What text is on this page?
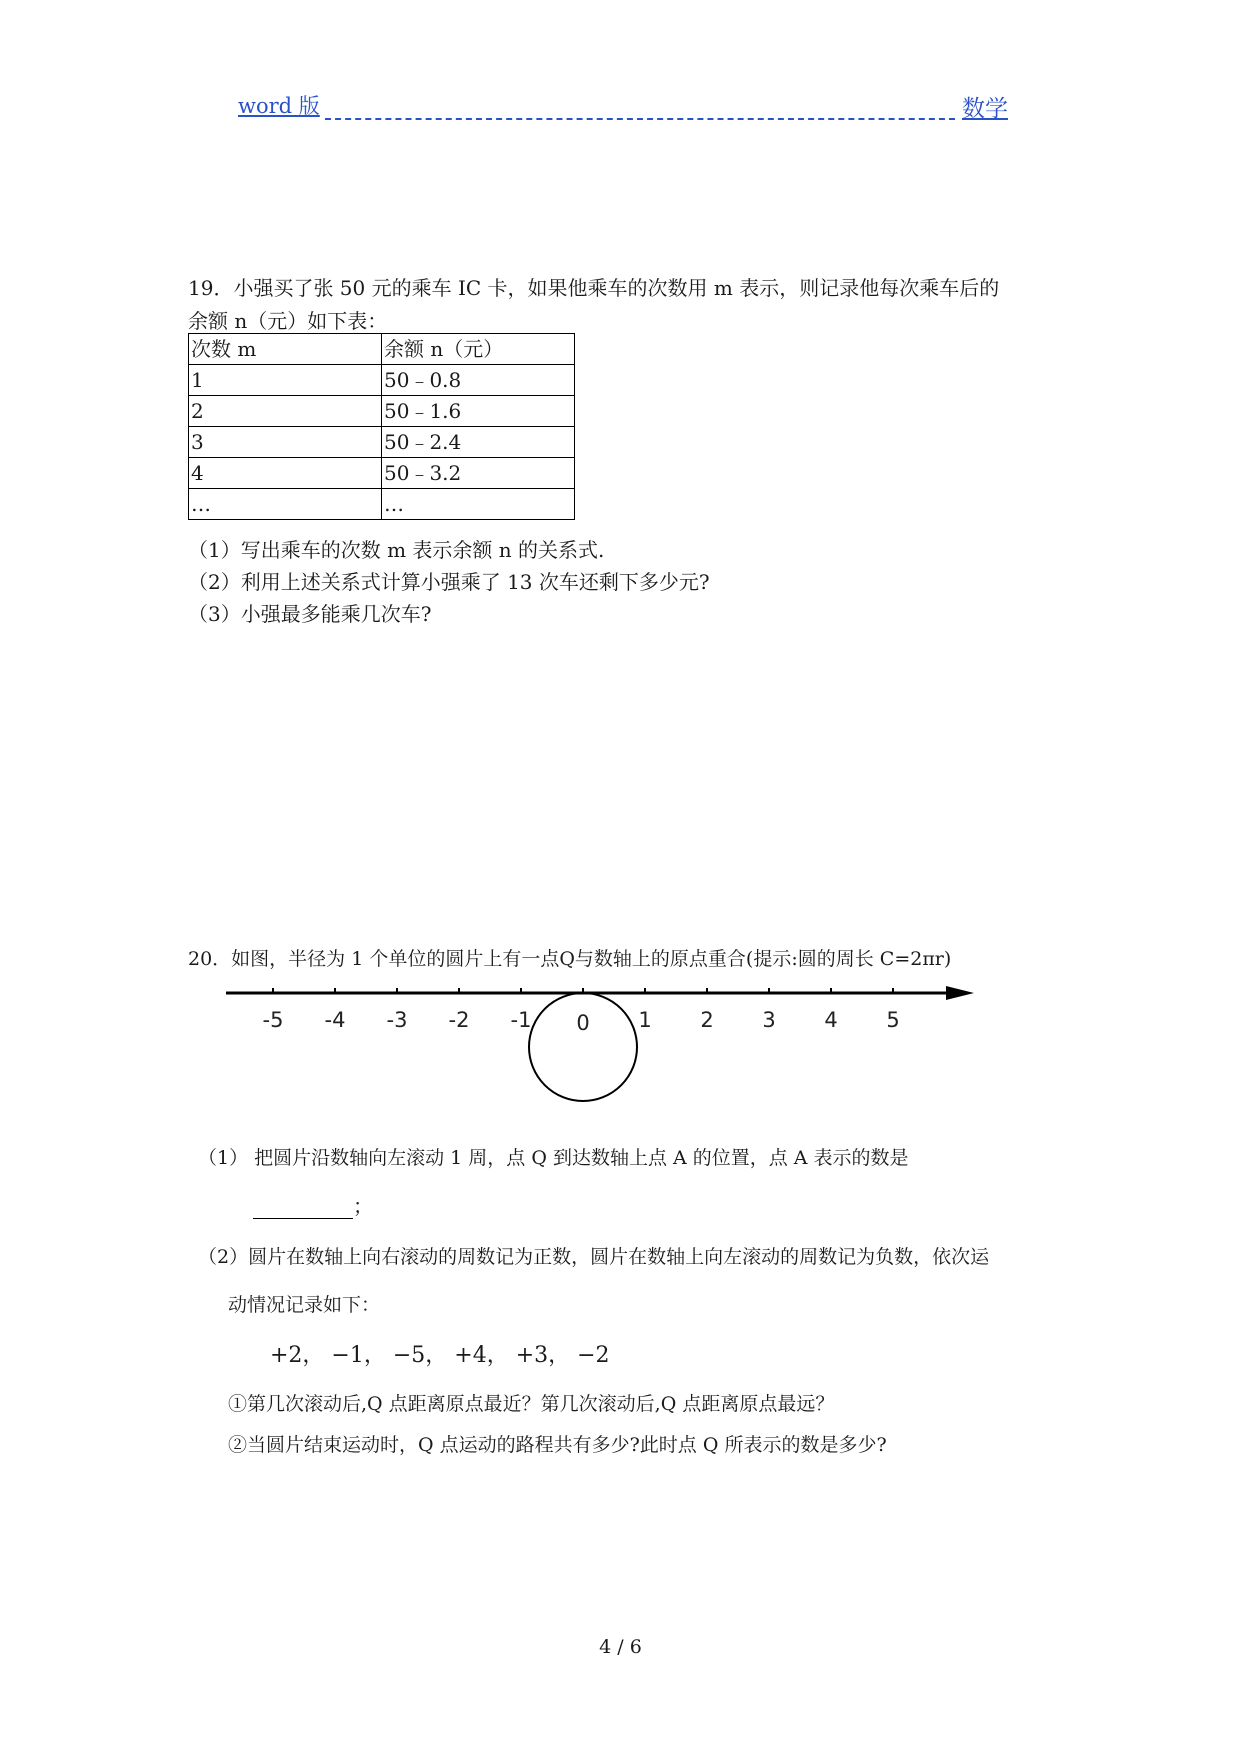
word 版	数学
19．小强买了张 50 元的乘车 IC 卡，如果他乘车的次数用 m 表示，则记录他每次乘车后的
余额 n（元）如下表：
次数 m	余额 n（元）
1	50﹣0.8
2	50﹣1.6
3	50﹣2.4
4	50﹣3.2
…	…
（1）写出乘车的次数 m 表示余额 n 的关系式.
（2）利用上述关系式计算小强乘了 13 次车还剩下多少元?
（3）小强最多能乘几次车?
20．如图，半径为 1 个单位的圆片上有一点Q与数轴上的原点重合(提示:圆的周长 C=2πr)
-5 -4 -3 -2 -1 0 1 2 3 4 5
（1） 把圆片沿数轴向左滚动 1 周，点 Q 到达数轴上点 A 的位置，点 A 表示的数是
；
（2）圆片在数轴上向右滚动的周数记为正数，圆片在数轴上向左滚动的周数记为负数，依次运
动情况记录如下：
+2， −1， −5， +4， +3， −2
①第几次滚动后,Q 点距离原点最近？第几次滚动后,Q 点距离原点最远？
②当圆片结束运动时，Q 点运动的路程共有多少?此时点 Q 所表示的数是多少?
4 / 6
